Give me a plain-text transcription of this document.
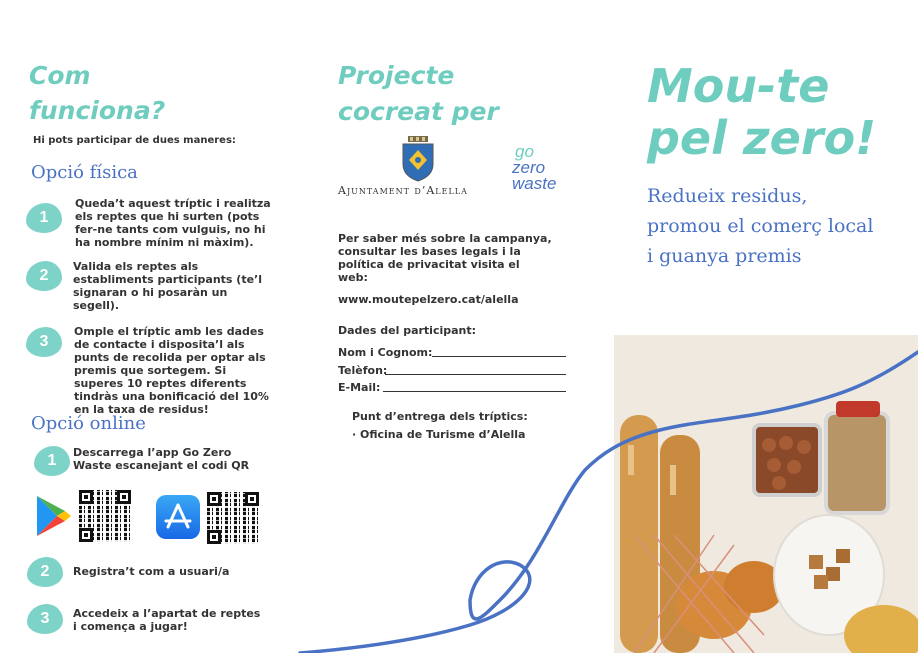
Com
funciona?
Hi pots participar de dues maneres:
Opció física
1
Queda’t aquest tríptic i realitza els reptes que hi surten (pots fer-ne tants com vulguis, no hi ha nombre mínim ni màxim).
2
Valida els reptes als establiments participants (te’l signaran o hi posaràn un segell).
3
Omple el tríptic amb les dades de contacte i disposita’l als punts de recolida per optar als premis que sortegem. Si superes 10 reptes diferents tindràs una bonificació del 10% en la taxa de residus!
Opció online
1	Descarrega l’app Go Zero Waste escanejant el codi QR
2	Registra’t com a usuari/a
3	Accedeix a l’apartat de reptes i comença a jugar!
Projecte
cocreat per
Ajuntament d’Alella
go
zero
waste
Per saber més sobre la campanya, consultar les bases legals i la política de privacitat visita el web:
www.moutepelzero.cat/alella
Dades del participant:
Nom i Cognom:
Telèfon:
E-Mail:
Punt d’entrega dels tríptics:
· Oficina de Turisme d’Alella
Mou-te
pel zero!
Redueix residus,
promou el comerç local
i guanya premis
